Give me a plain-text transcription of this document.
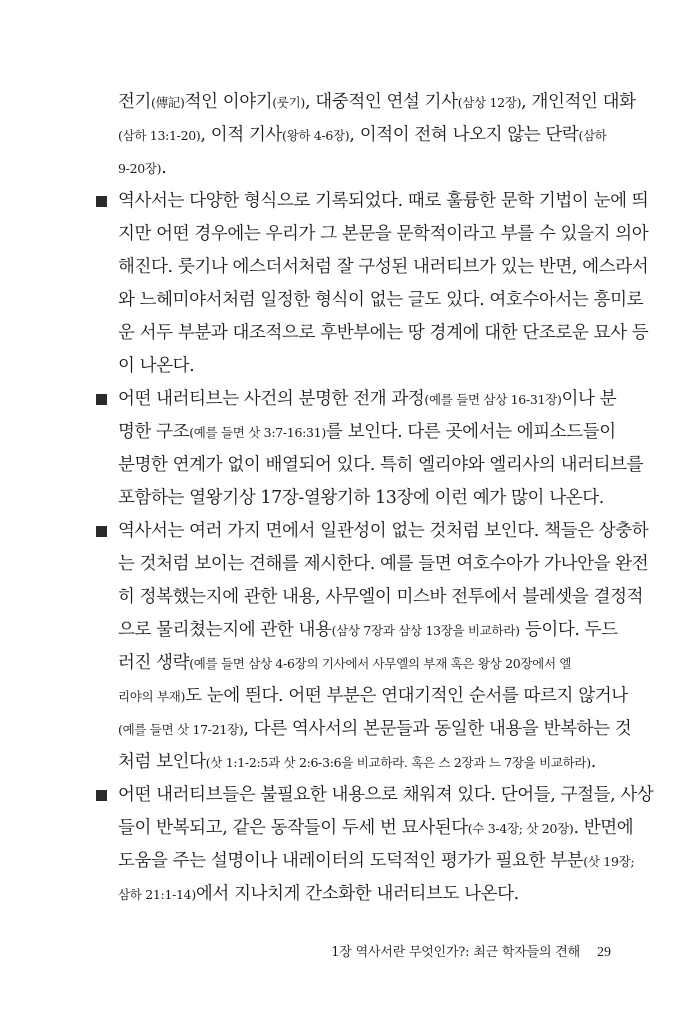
전기(傳記)적인 이야기(룻기), 대중적인 연설 기사(삼상 12장), 개인적인 대화
(삼하 13:1-20), 이적 기사(왕하 4-6장), 이적이 전혀 나오지 않는 단락(삼하
9-20장).
역사서는 다양한 형식으로 기록되었다. 때로 훌륭한 문학 기법이 눈에 띄
지만 어떤 경우에는 우리가 그 본문을 문학적이라고 부를 수 있을지 의아
해진다. 룻기나 에스더서처럼 잘 구성된 내러티브가 있는 반면, 에스라서
와 느헤미야서처럼 일정한 형식이 없는 글도 있다. 여호수아서는 흥미로
운 서두 부분과 대조적으로 후반부에는 땅 경계에 대한 단조로운 묘사 등
이 나온다.
어떤 내러티브는 사건의 분명한 전개 과정(예를 들면 삼상 16-31장)이나 분
명한 구조(예를 들면 삿 3:7-16:31)를 보인다. 다른 곳에서는 에피소드들이
분명한 연계가 없이 배열되어 있다. 특히 엘리야와 엘리사의 내러티브를
포함하는 열왕기상 17장-열왕기하 13장에 이런 예가 많이 나온다.
역사서는 여러 가지 면에서 일관성이 없는 것처럼 보인다. 책들은 상충하
는 것처럼 보이는 견해를 제시한다. 예를 들면 여호수아가 가나안을 완전
히 정복했는지에 관한 내용, 사무엘이 미스바 전투에서 블레셋을 결정적
으로 물리쳤는지에 관한 내용(삼상 7장과 삼상 13장을 비교하라) 등이다. 두드
러진 생략(예를 들면 삼상 4-6장의 기사에서 사무엘의 부재 혹은 왕상 20장에서 엘
리야의 부재)도 눈에 띈다. 어떤 부분은 연대기적인 순서를 따르지 않거나
(예를 들면 삿 17-21장), 다른 역사서의 본문들과 동일한 내용을 반복하는 것
처럼 보인다(삿 1:1-2:5과 삿 2:6-3:6을 비교하라. 혹은 스 2장과 느 7장을 비교하라).
어떤 내러티브들은 불필요한 내용으로 채워져 있다. 단어들, 구절들, 사상
들이 반복되고, 같은 동작들이 두세 번 묘사된다(수 3-4장; 삿 20장). 반면에
도움을 주는 설명이나 내레이터의 도덕적인 평가가 필요한 부분(삿 19장;
삼하 21:1-14)에서 지나치게 간소화한 내러티브도 나온다.
1장 역사서란 무엇인가?: 최근 학자들의 견해 29
